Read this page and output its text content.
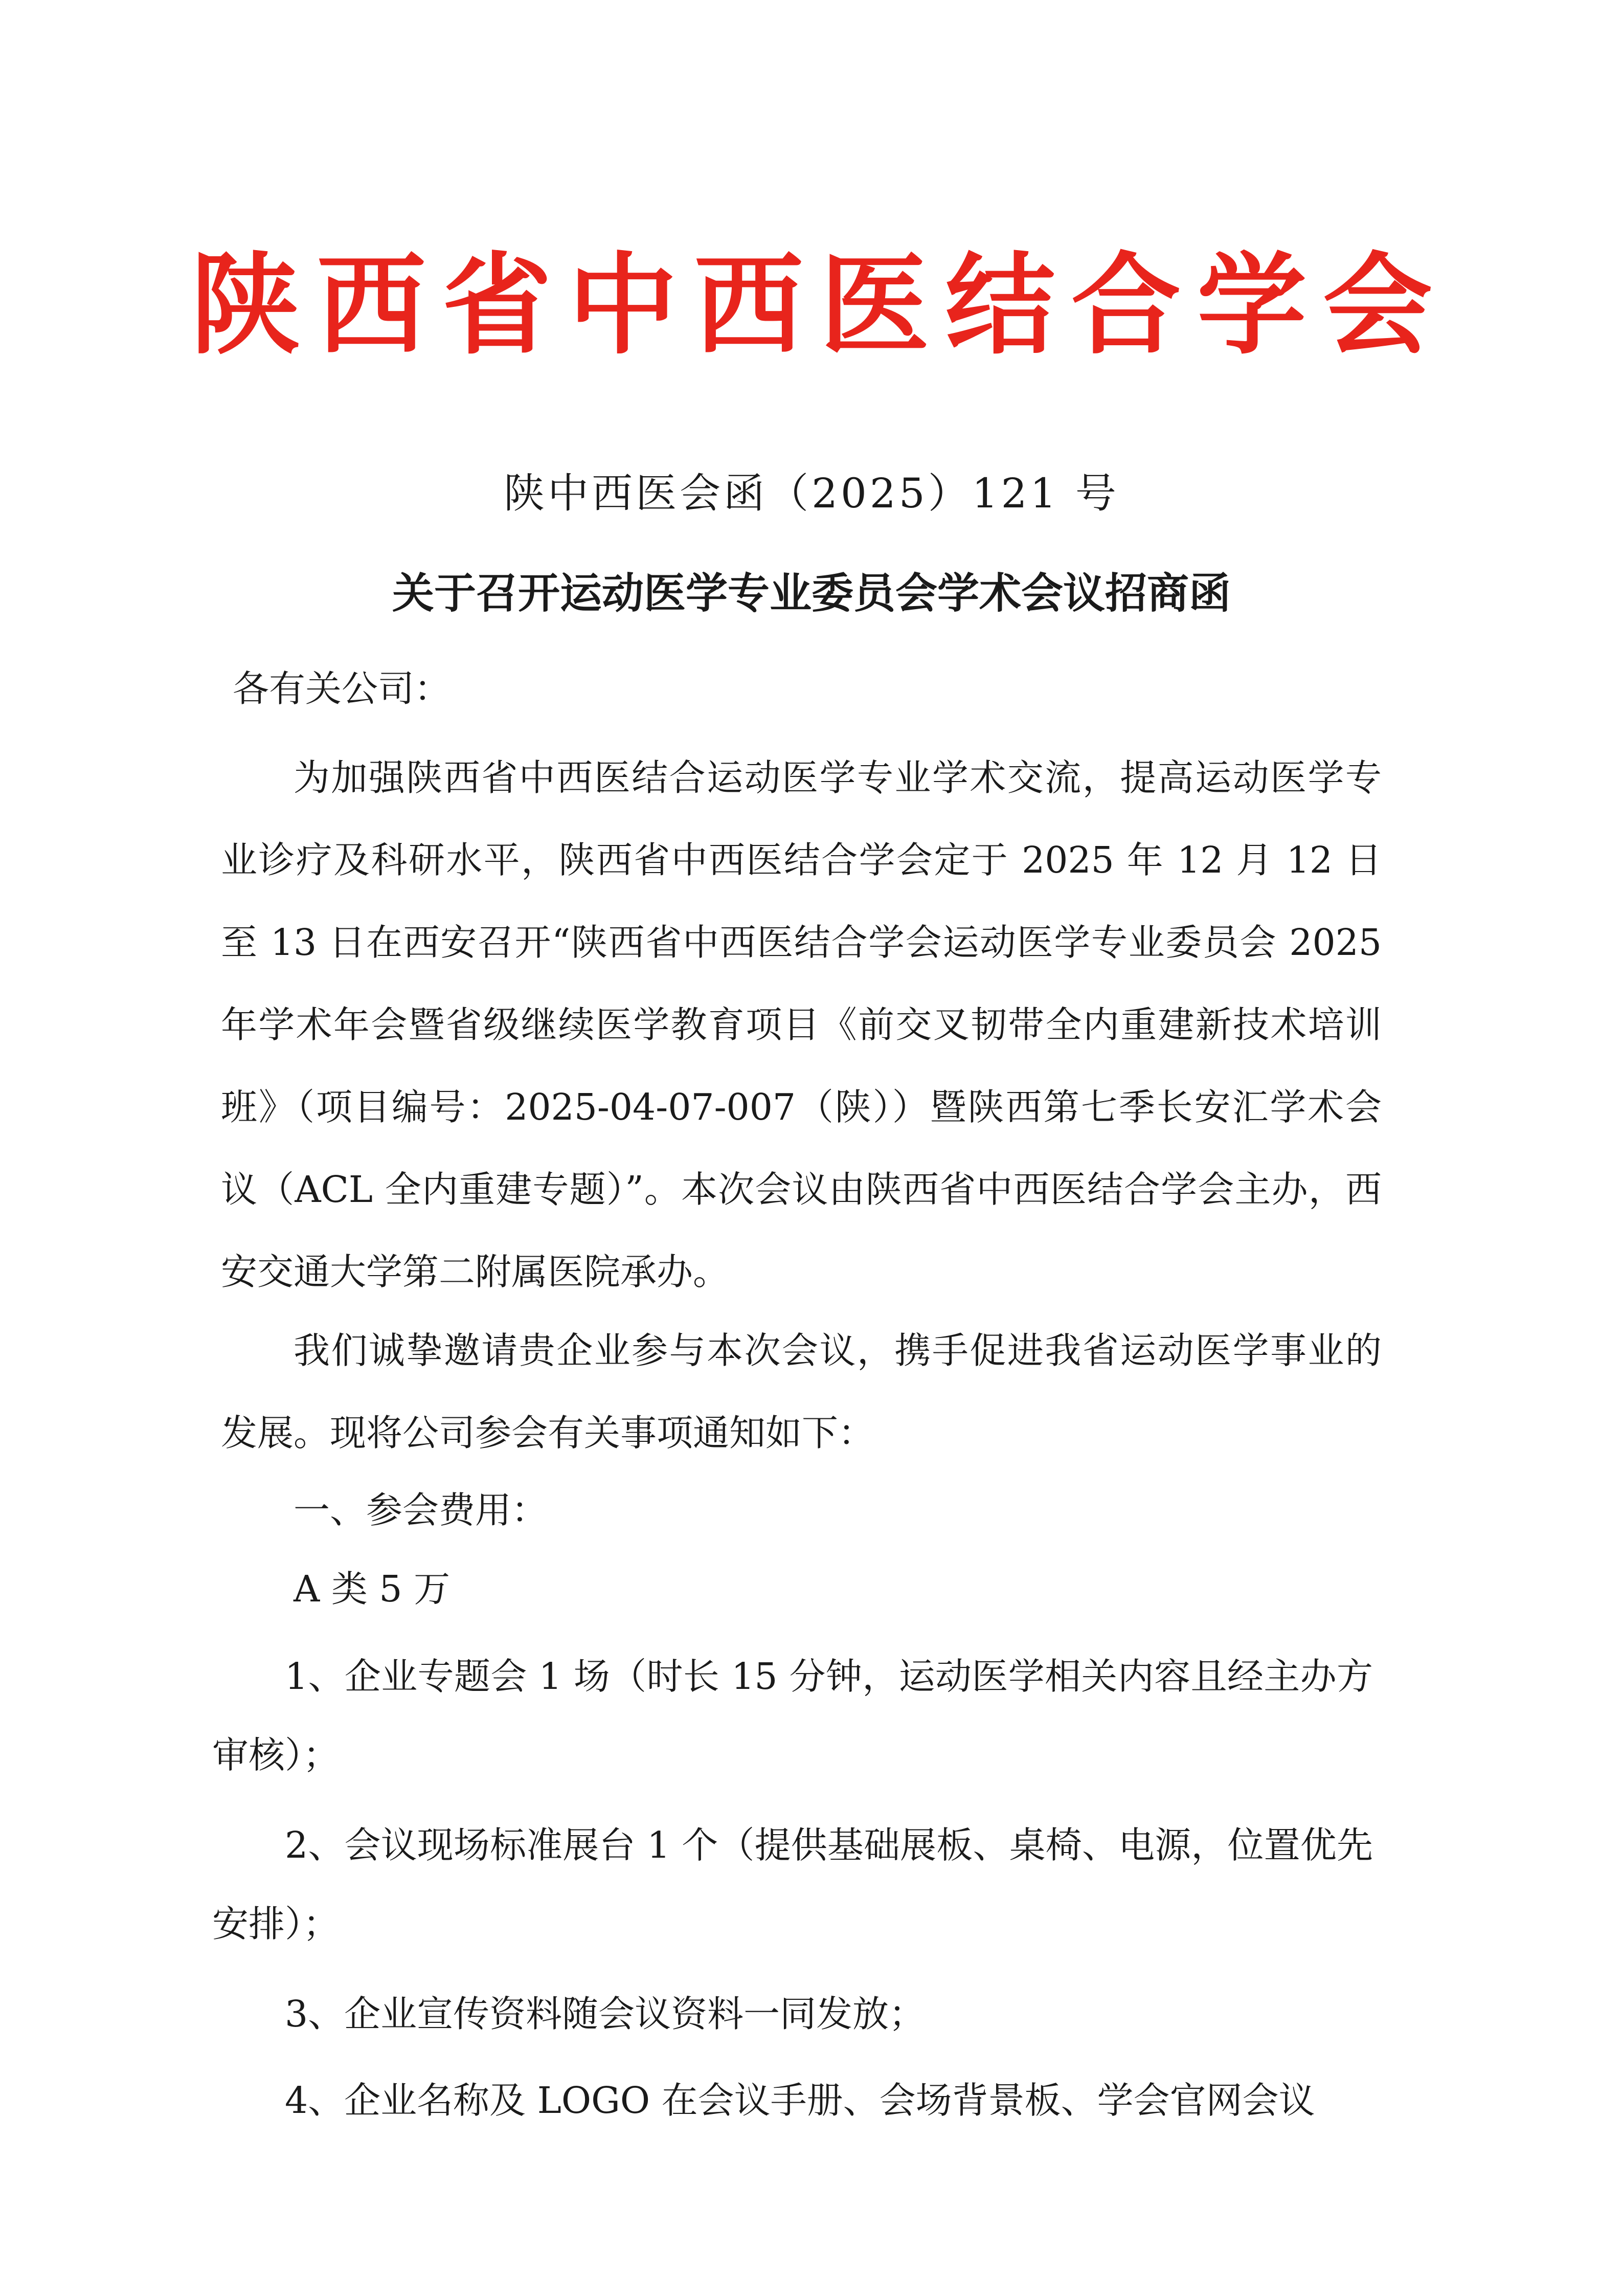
陕西省中西医结合学会
陕中西医会函（2025）121 号
关于召开运动医学专业委员会学术会议招商函
各有关公司：

为加强陕西省中西医结合运动医学专业学术交流，提高运动医学专业诊疗及科研水平，陕西省中西医结合学会定于 2025 年 12 月 12 日至 13 日在西安召开“陕西省中西医结合学会运动医学专业委员会 2025 年学术年会暨省级继续医学教育项目《前交叉韧带全内重建新技术培训班》（项目编号：2025-04-07-007（陕））暨陕西第七季长安汇学术会议（ACL 全内重建专题）”。本次会议由陕西省中西医结合学会主办，西安交通大学第二附属医院承办。

我们诚挚邀请贵企业参与本次会议，携手促进我省运动医学事业的发展。现将公司参会有关事项通知如下：

一、参会费用：
A 类 5 万

1、企业专题会 1 场（时长 15 分钟，运动医学相关内容且经主办方审核）；

2、会议现场标准展台 1 个（提供基础展板、桌椅、电源，位置优先安排）；

3、企业宣传资料随会议资料一同发放；

4、企业名称及 LOGO 在会议手册、会场背景板、学会官网会议
